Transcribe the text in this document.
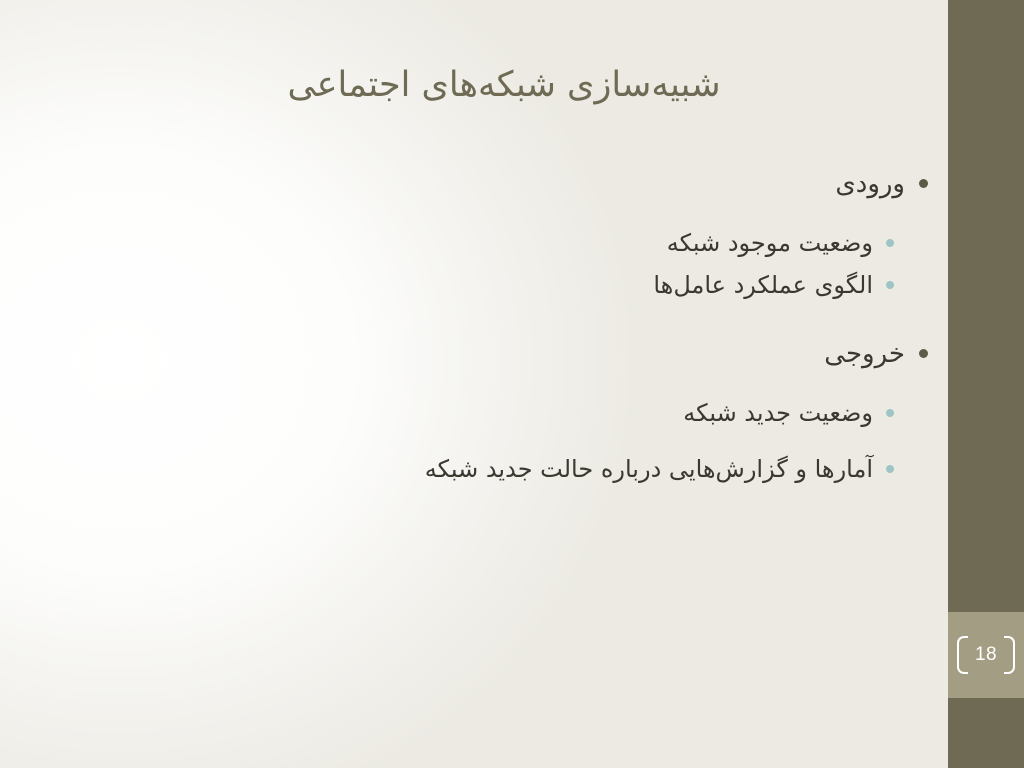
18
شبیه‌سازی شبکه‌های اجتماعی
ورودی
وضعیت موجود شبکه
الگوی عملکرد عامل‌ها
خروجی
وضعیت جدید شبکه
آمارها و گزارش‌هایی درباره حالت جدید شبکه
